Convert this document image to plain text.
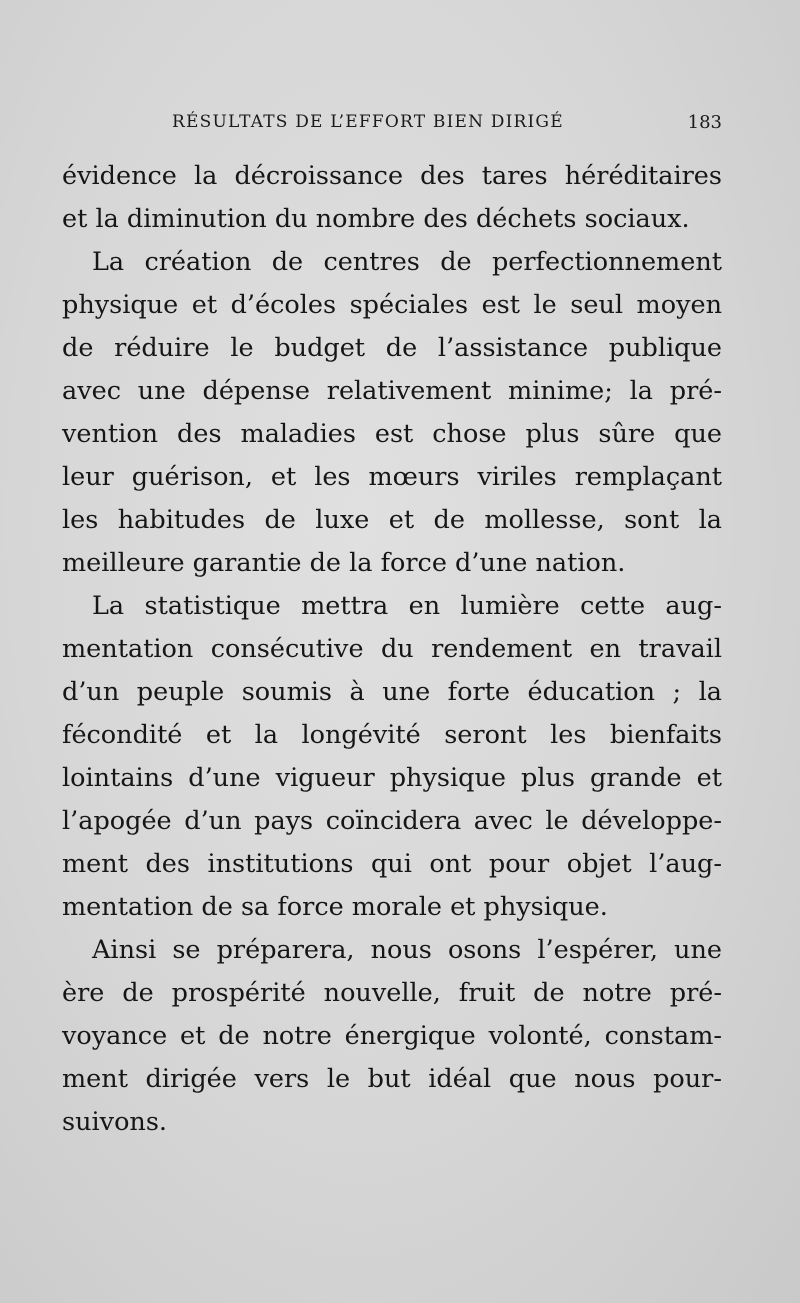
RÉSULTATS DE L’EFFORT BIEN DIRIGÉ	183
évidence la décroissance des tares héréditaires
et la diminution du nombre des déchets sociaux.
La création de centres de perfectionnement
physique et d’écoles spéciales est le seul moyen
de réduire le budget de l’assistance publique
avec une dépense relativement minime; la pré-
vention des maladies est chose plus sûre que
leur guérison, et les mœurs viriles remplaçant
les habitudes de luxe et de mollesse, sont la
meilleure garantie de la force d’une nation.
La statistique mettra en lumière cette aug-
mentation consécutive du rendement en travail
d’un peuple soumis à une forte éducation ; la
fécondité et la longévité seront les bienfaits
lointains d’une vigueur physique plus grande et
l’apogée d’un pays coïncidera avec le développe-
ment des institutions qui ont pour objet l’aug-
mentation de sa force morale et physique.
Ainsi se préparera, nous osons l’espérer, une
ère de prospérité nouvelle, fruit de notre pré-
voyance et de notre énergique volonté, constam-
ment dirigée vers le but idéal que nous pour-
suivons.
